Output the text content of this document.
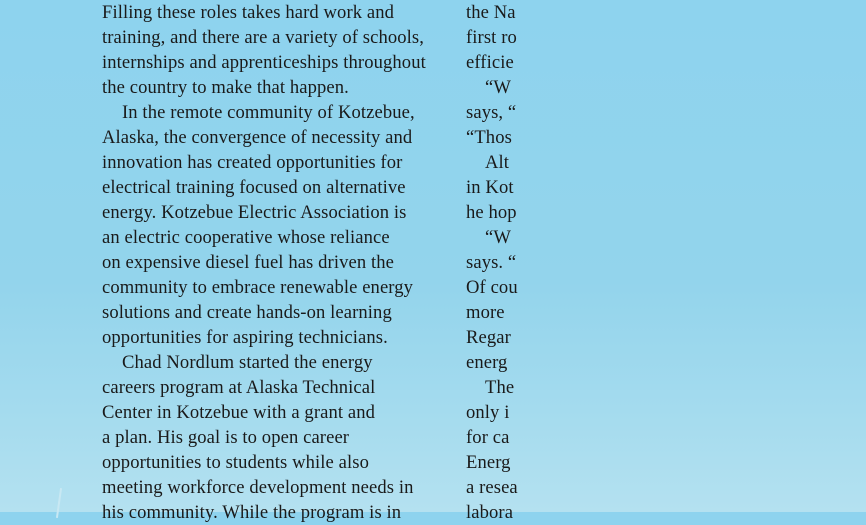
Filling these roles takes hard work and
training, and there are a variety of schools,
internships and apprenticeships throughout
the country to make that happen.

In the remote community of Kotzebue,
Alaska, the convergence of necessity and
innovation has created opportunities for
electrical training focused on alternative
energy. Kotzebue Electric Association is
an electric cooperative whose reliance
on expensive diesel fuel has driven the
community to embrace renewable energy
solutions and create hands-on learning
opportunities for aspiring technicians.

Chad Nordlum started the energy
careers program at Alaska Technical
Center in Kotzebue with a grant and
a plan. His goal is to open career
opportunities to students while also
meeting workforce development needs in
his community. While the program is in

the Na
first ro
efficie
“W
says, “
“Thos
Alt
in Kot
he hop
“W
says. “
Of cou
more
Regar
energ
The
only i
for ca
Energ
a resea
labora
